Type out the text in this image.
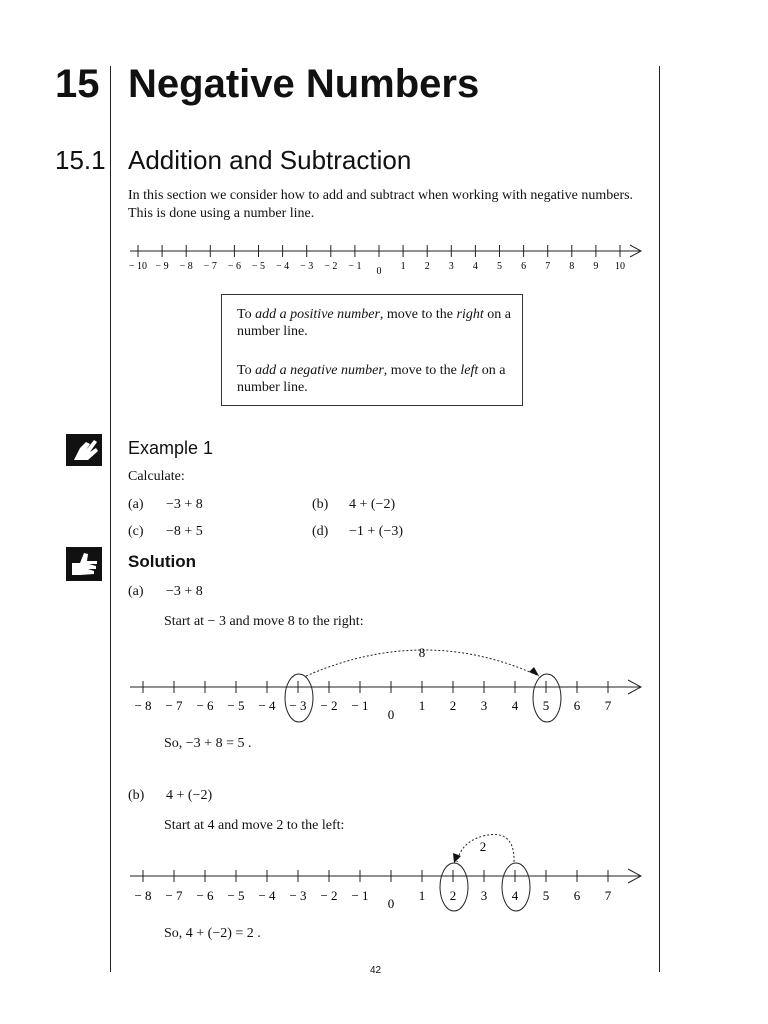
15 Negative Numbers
15.1 Addition and Subtraction
In this section we consider how to add and subtract when working with negative numbers. This is done using a number line.
− 10 − 9 − 8 − 7 − 6 − 5 − 4 − 3 − 2 − 1 0 1 2 3 4 5 6 7 8 9 10

To add a positive number, move to the right on a number line.

To add a negative number, move to the left on a number line.

Example 1
Calculate:
(a) −3 + 8	(b) 4 + (−2)
(c) −8 + 5	(d) −1 + (−3)
Solution
(a) −3 + 8
Start at − 3 and move 8 to the right:
− 8 − 7 − 6 − 5 − 4 − 3 − 2 − 1
0
1 2 3 4 5 6 7
8
So, −3 + 8 = 5 .
(b) 4 + (−2)
Start at 4 and move 2 to the left:
− 8 − 7 − 6 − 5 − 4 − 3 − 2 − 1
0
1 2 3 4 5 6 7
2
So, 4 + (−2) = 2 .
42
